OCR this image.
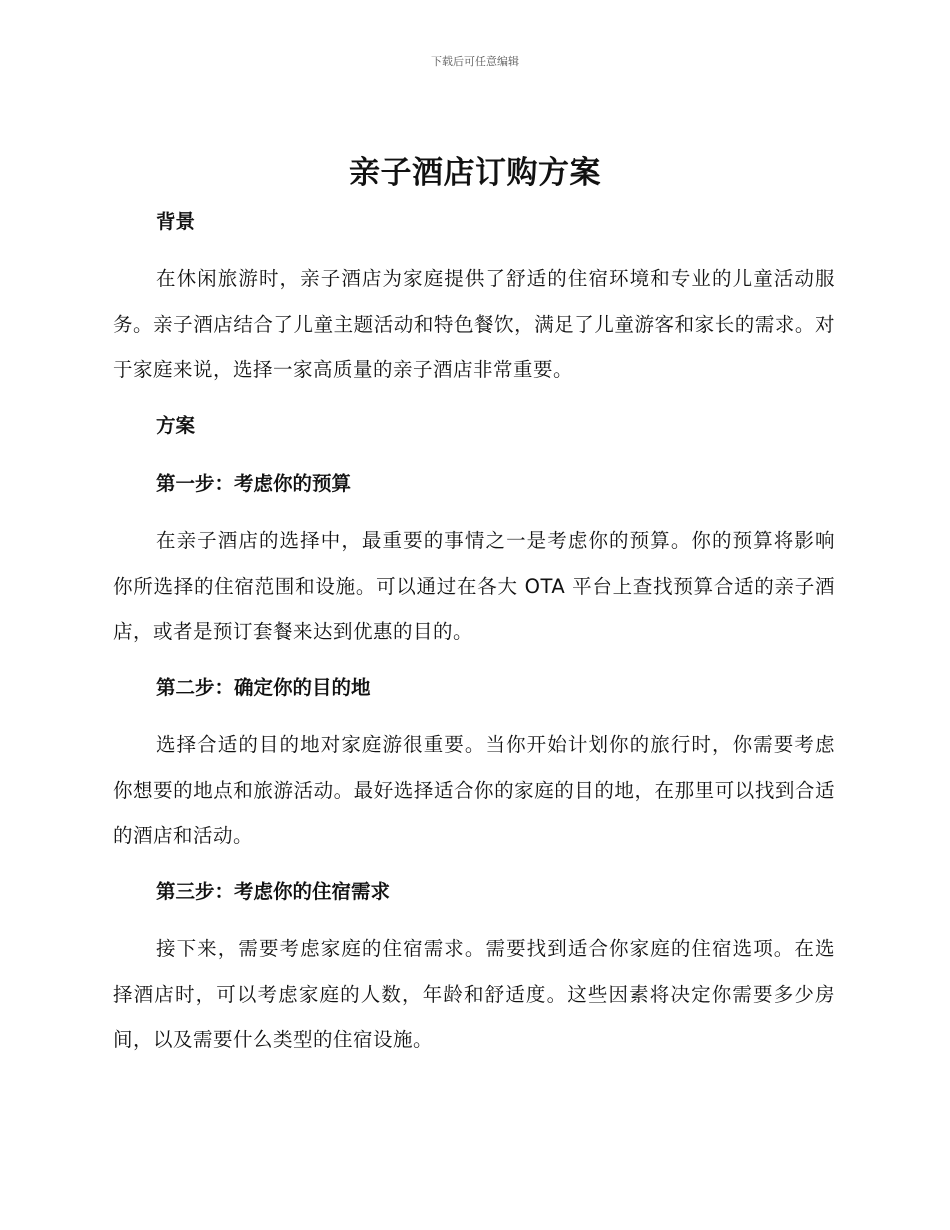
下载后可任意编辑
亲子酒店订购方案
背景

在休闲旅游时，亲子酒店为家庭提供了舒适的住宿环境和专业的儿童活动服务。亲子酒店结合了儿童主题活动和特色餐饮，满足了儿童游客和家长的需求。对于家庭来说，选择一家高质量的亲子酒店非常重要。

方案
第一步：考虑你的预算

在亲子酒店的选择中，最重要的事情之一是考虑你的预算。你的预算将影响你所选择的住宿范围和设施。可以通过在各大 OTA 平台上查找预算合适的亲子酒店，或者是预订套餐来达到优惠的目的。

第二步：确定你的目的地

选择合适的目的地对家庭游很重要。当你开始计划你的旅行时，你需要考虑你想要的地点和旅游活动。最好选择适合你的家庭的目的地，在那里可以找到合适的酒店和活动。

第三步：考虑你的住宿需求

接下来，需要考虑家庭的住宿需求。需要找到适合你家庭的住宿选项。在选择酒店时，可以考虑家庭的人数，年龄和舒适度。这些因素将决定你需要多少房间，以及需要什么类型的住宿设施。
